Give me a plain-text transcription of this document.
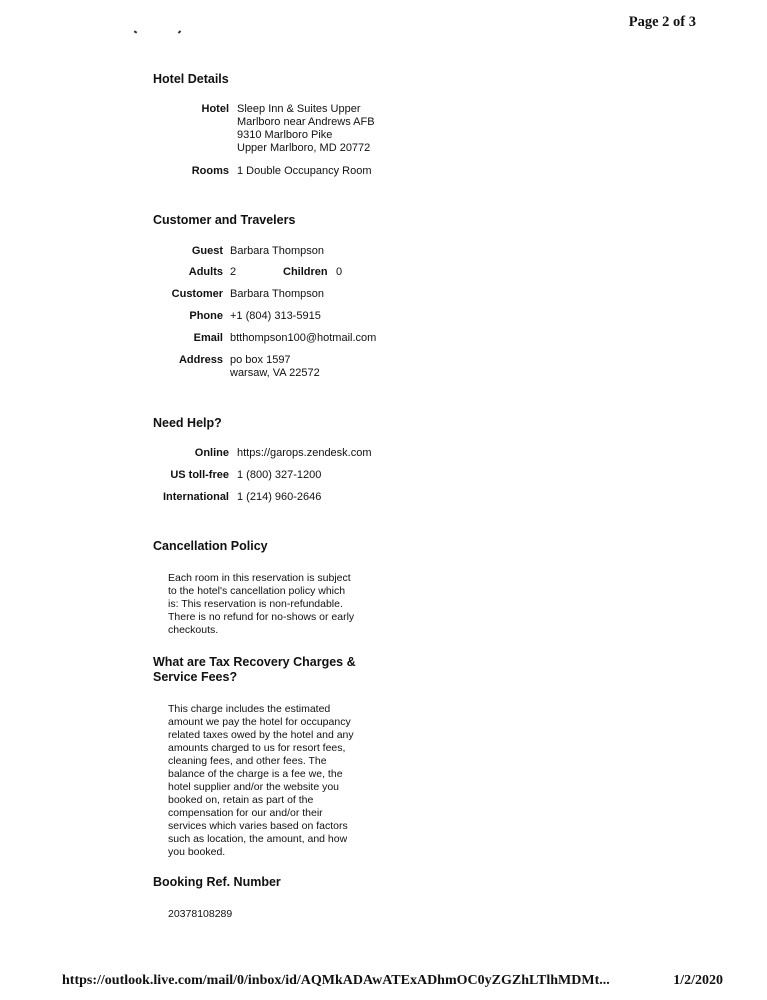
Page 2 of 3
Hotel Details
Hotel Sleep Inn & Suites Upper
Marlboro near Andrews AFB
9310 Marlboro Pike
Upper Marlboro, MD 20772
Rooms 1 Double Occupancy Room
Customer and Travelers
Guest Barbara Thompson
Adults 2	Children 0
Customer Barbara Thompson
Phone +1 (804) 313-5915
Email btthompson100@hotmail.com
Address po box 1597
warsaw, VA 22572
Need Help?
Online https://garops.zendesk.com
US toll-free 1 (800) 327-1200
International 1 (214) 960-2646
Cancellation Policy
Each room in this reservation is subject
to the hotel's cancellation policy which
is: This reservation is non-refundable.
There is no refund for no-shows or early
checkouts.
What are Tax Recovery Charges &
Service Fees?
This charge includes the estimated
amount we pay the hotel for occupancy
related taxes owed by the hotel and any
amounts charged to us for resort fees,
cleaning fees, and other fees. The
balance of the charge is a fee we, the
hotel supplier and/or the website you
booked on, retain as part of the
compensation for our and/or their
services which varies based on factors
such as location, the amount, and how
you booked.
Booking Ref. Number
20378108289
https://outlook.live.com/mail/0/inbox/id/AQMkADAwATExADhmOC0yZGZhLTlhMDMt...	1/2/2020
